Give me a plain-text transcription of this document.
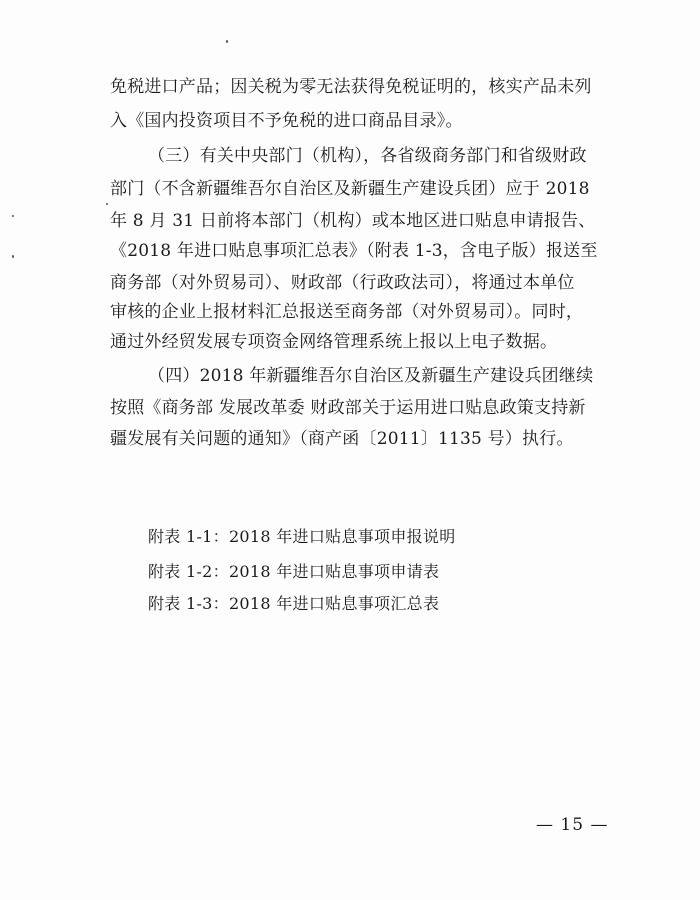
免税进口产品；因关税为零无法获得免税证明的，核实产品未列
入《国内投资项目不予免税的进口商品目录》。
（三）有关中央部门（机构），各省级商务部门和省级财政
部门（不含新疆维吾尔自治区及新疆生产建设兵团）应于 2018
年 8 月 31 日前将本部门（机构）或本地区进口贴息申请报告、
《2018 年进口贴息事项汇总表》（附表 1-3，含电子版）报送至
商务部（对外贸易司）、财政部（行政政法司），将通过本单位
审核的企业上报材料汇总报送至商务部（对外贸易司）。同时，
通过外经贸发展专项资金网络管理系统上报以上电子数据。
（四）2018 年新疆维吾尔自治区及新疆生产建设兵团继续
按照《商务部 发展改革委 财政部关于运用进口贴息政策支持新
疆发展有关问题的通知》（商产函〔2011〕1135 号）执行。
附表 1-1：2018 年进口贴息事项申报说明
附表 1-2：2018 年进口贴息事项申请表
附表 1-3：2018 年进口贴息事项汇总表
— 15 —
